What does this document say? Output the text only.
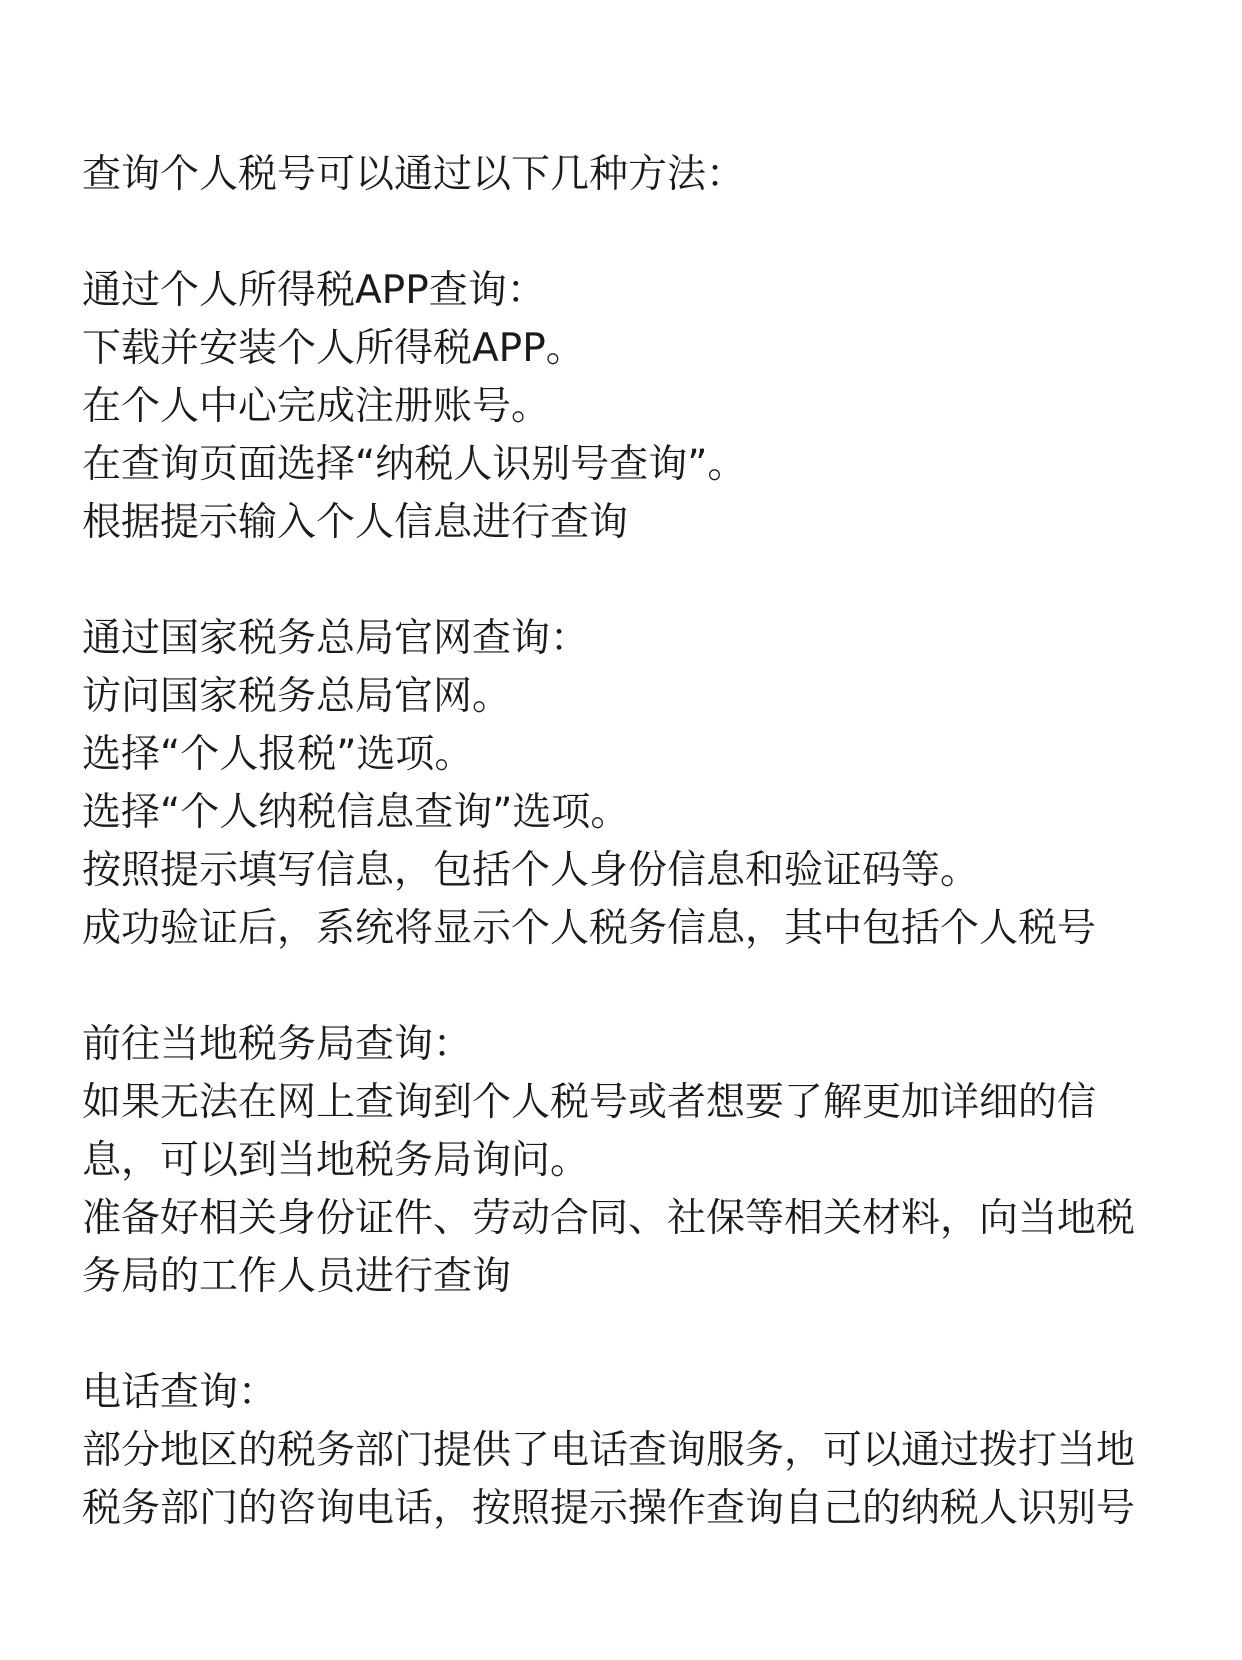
查询个人税号可以通过以下几种方法：
通过个人所得税APP查询：
下载并安装个人所得税APP。
在个人中心完成注册账号。
在查询页面选择“纳税人识别号查询”。
根据提示输入个人信息进行查询
通过国家税务总局官网查询：
访问国家税务总局官网。
选择“个人报税”选项。
选择“个人纳税信息查询”选项。
按照提示填写信息，包括个人身份信息和验证码等。
成功验证后，系统将显示个人税务信息，其中包括个人税号
前往当地税务局查询：
如果无法在网上查询到个人税号或者想要了解更加详细的信
息，可以到当地税务局询问。
准备好相关身份证件、劳动合同、社保等相关材料，向当地税
务局的工作人员进行查询
电话查询：
部分地区的税务部门提供了电话查询服务，可以通过拨打当地
税务部门的咨询电话，按照提示操作查询自己的纳税人识别号
